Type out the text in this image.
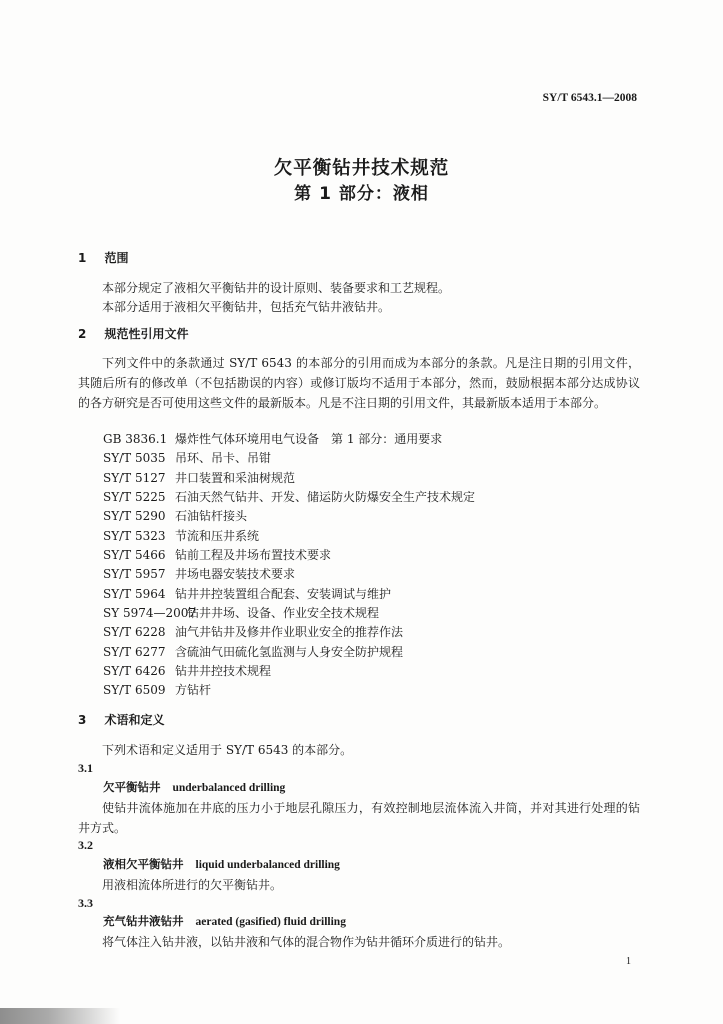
SY/T 6543.1—2008
欠平衡钻井技术规范
第 1 部分：液相
1 范围
本部分规定了液相欠平衡钻井的设计原则、装备要求和工艺规程。
本部分适用于液相欠平衡钻井，包括充气钻井液钻井。
2 规范性引用文件
下列文件中的条款通过 SY/T 6543 的本部分的引用而成为本部分的条款。凡是注日期的引用文件，其随后所有的修改单（不包括勘误的内容）或修订版均不适用于本部分，然而，鼓励根据本部分达成协议的各方研究是否可使用这些文件的最新版本。凡是不注日期的引用文件，其最新版本适用于本部分。
GB 3836.1 爆炸性气体环境用电气设备　第 1 部分：通用要求
SY/T 5035 吊环、吊卡、吊钳
SY/T 5127 井口装置和采油树规范
SY/T 5225 石油天然气钻井、开发、储运防火防爆安全生产技术规定
SY/T 5290 石油钻杆接头
SY/T 5323 节流和压井系统
SY/T 5466 钻前工程及井场布置技术要求
SY/T 5957 井场电器安装技术要求
SY/T 5964 钻井井控装置组合配套、安装调试与维护
SY 5974—2007钻井井场、设备、作业安全技术规程
SY/T 6228 油气井钻井及修井作业职业安全的推荐作法
SY/T 6277 含硫油气田硫化氢监测与人身安全防护规程
SY/T 6426 钻井井控技术规程
SY/T 6509 方钻杆
3 术语和定义
下列术语和定义适用于 SY/T 6543 的本部分。
3.1
欠平衡钻井 underbalanced drilling
使钻井流体施加在井底的压力小于地层孔隙压力，有效控制地层流体流入井筒，并对其进行处理的钻井方式。
3.2
液相欠平衡钻井 liquid underbalanced drilling
用液相流体所进行的欠平衡钻井。
3.3
充气钻井液钻井 aerated (gasified) fluid drilling
将气体注入钻井液，以钻井液和气体的混合物作为钻井循环介质进行的钻井。
1
